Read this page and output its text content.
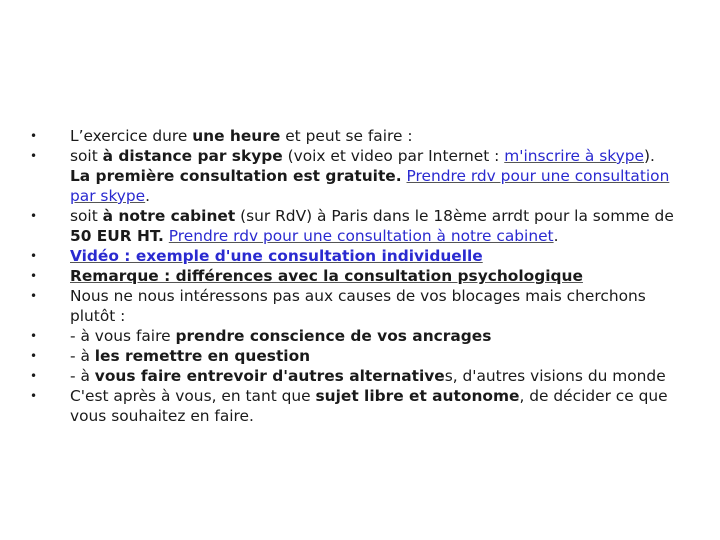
• L’exercice dure une heure et peut se faire :
• soit à distance par skype (voix et video par Internet : m'inscrire à skype).
La première consultation est gratuite. Prendre rdv pour une consultation par skype.
• soit à notre cabinet (sur RdV) à Paris dans le 18ème arrdt pour la somme de 50 EUR HT. Prendre rdv pour une consultation à notre cabinet.
• Vidéo : exemple d'une consultation individuelle
• Remarque : différences avec la consultation psychologique
• Nous ne nous intéressons pas aux causes de vos blocages mais cherchons plutôt :
• - à vous faire prendre conscience de vos ancrages
• - à les remettre en question
• - à vous faire entrevoir d'autres alternatives, d'autres visions du monde
• C'est après à vous, en tant que sujet libre et autonome, de décider ce que vous souhaitez en faire.
